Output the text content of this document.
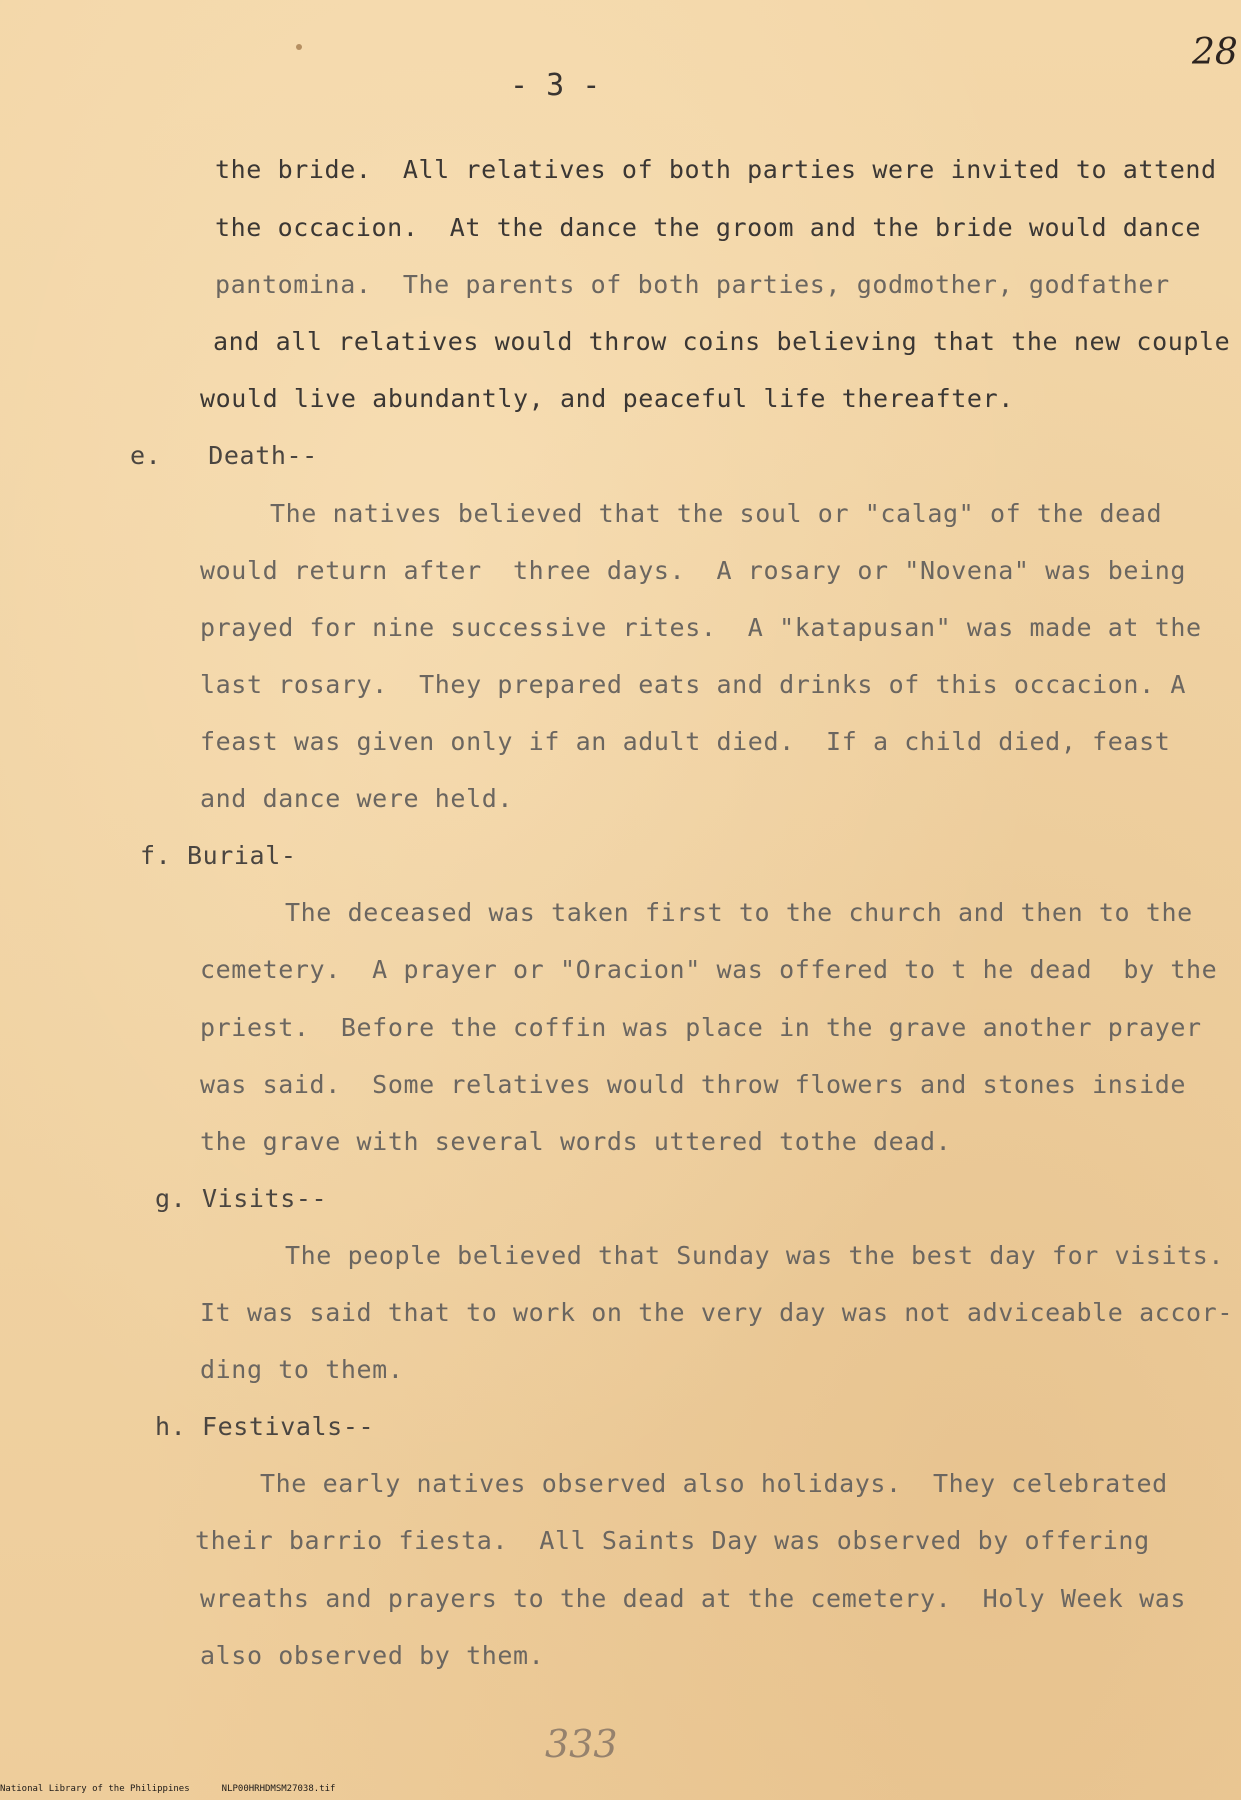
- 3 -
28
the bride.  All relatives of both parties were invited to attend
the occacion.  At the dance the groom and the bride would dance
pantomina.  The parents of both parties, godmother, godfather
and all relatives would throw coins believing that the new couple
would live abundantly, and peaceful life thereafter.
e.   Death--
The natives believed that the soul or "calag" of the dead
would return after  three days.  A rosary or "Novena" was being
prayed for nine successive rites.  A "katapusan" was made at the
last rosary.  They prepared eats and drinks of this occacion. A
feast was given only if an adult died.  If a child died, feast
and dance were held.
f. Burial-
The deceased was taken first to the church and then to the
cemetery.  A prayer or "Oracion" was offered to t he dead  by the
priest.  Before the coffin was place in the grave another prayer
was said.  Some relatives would throw flowers and stones inside
the grave with several words uttered tothe dead.
g. Visits--
The people believed that Sunday was the best day for visits.
It was said that to work on the very day was not adviceable accor-
ding to them.
h. Festivals--
The early natives observed also holidays.  They celebrated
their barrio fiesta.  All Saints Day was observed by offering
wreaths and prayers to the dead at the cemetery.  Holy Week was
also observed by them.
333
National Library of the Philippines	NLP00HRHDMSM27038.tif
